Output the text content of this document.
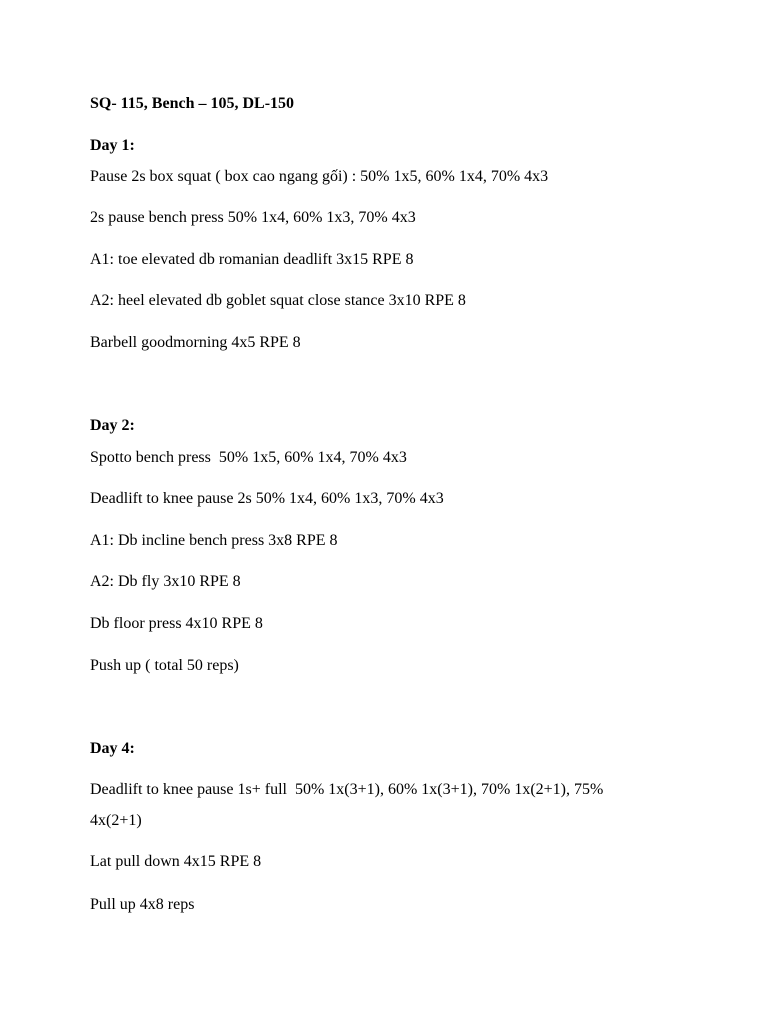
SQ- 115, Bench – 105, DL-150

Day 1:

Pause 2s box squat ( box cao ngang gối) : 50% 1x5, 60% 1x4, 70% 4x3

2s pause bench press 50% 1x4, 60% 1x3, 70% 4x3

A1: toe elevated db romanian deadlift 3x15 RPE 8

A2: heel elevated db goblet squat close stance 3x10 RPE 8

Barbell goodmorning 4x5 RPE 8

Day 2:

Spotto bench press  50% 1x5, 60% 1x4, 70% 4x3

Deadlift to knee pause 2s 50% 1x4, 60% 1x3, 70% 4x3

A1: Db incline bench press 3x8 RPE 8

A2: Db fly 3x10 RPE 8

Db floor press 4x10 RPE 8

Push up ( total 50 reps)

Day 4:

Deadlift to knee pause 1s+ full  50% 1x(3+1), 60% 1x(3+1), 70% 1x(2+1), 75%

4x(2+1)

Lat pull down 4x15 RPE 8

Pull up 4x8 reps
